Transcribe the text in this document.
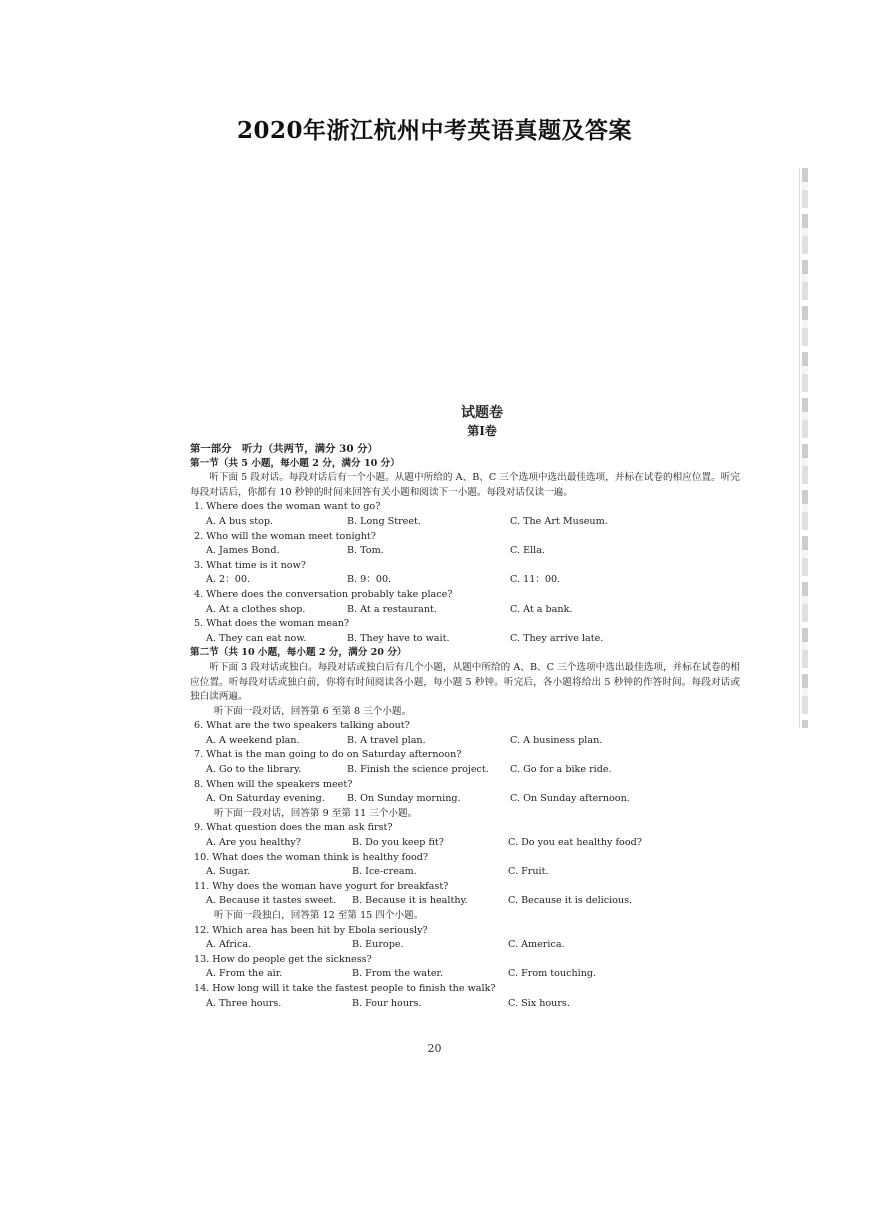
2020年浙江杭州中考英语真题及答案
试题卷
第Ⅰ卷
第一部分　听力（共两节，满分 30 分）
第一节（共 5 小题，每小题 2 分，满分 10 分）
听下面 5 段对话。每段对话后有一个小题。从题中所给的 A、B、C 三个选项中选出最佳选项，并标在试卷的相应位置。听完每段对话后，你都有 10 秒钟的时间来回答有关小题和阅读下一小题。每段对话仅读一遍。
1. Where does the woman want to go?
A. A bus stop.	B. Long Street.	C. The Art Museum.
2. Who will the woman meet tonight?
A. James Bond.	B. Tom.	C. Ella.
3. What time is it now?
A. 2：00.	B. 9：00.	C. 11：00.
4. Where does the conversation probably take place?
A. At a clothes shop.	B. At a restaurant.	C. At a bank.
5. What does the woman mean?
A. They can eat now.	B. They have to wait.	C. They arrive late.
第二节（共 10 小题，每小题 2 分，满分 20 分）
听下面 3 段对话或独白。每段对话或独白后有几个小题，从题中所给的 A、B、C 三个选项中选出最佳选项，并标在试卷的相应位置。听每段对话或独白前，你将有时间阅读各小题，每小题 5 秒钟。听完后，各小题将给出 5 秒钟的作答时间。每段对话或独白读两遍。
听下面一段对话，回答第 6 至第 8 三个小题。
6. What are the two speakers talking about?
A. A weekend plan.	B. A travel plan.	C. A business plan.
7. What is the man going to do on Saturday afternoon?
A. Go to the library.	B. Finish the science project.	C. Go for a bike ride.
8. When will the speakers meet?
A. On Saturday evening.	B. On Sunday morning.	C. On Sunday afternoon.
听下面一段对话，回答第 9 至第 11 三个小题。
9. What question does the man ask first?
A. Are you healthy?	B. Do you keep fit?	C. Do you eat healthy food?
10. What does the woman think is healthy food?
A. Sugar.	B. Ice-cream.	C. Fruit.
11. Why does the woman have yogurt for breakfast?
A. Because it tastes sweet.	B. Because it is healthy.	C. Because it is delicious.
听下面一段独白，回答第 12 至第 15 四个小题。
12. Which area has been hit by Ebola seriously?
A. Africa.	B. Europe.	C. America.
13. How do people get the sickness?
A. From the air.	B. From the water.	C. From touching.
14. How long will it take the fastest people to finish the walk?
A. Three hours.	B. Four hours.	C. Six hours.
20
